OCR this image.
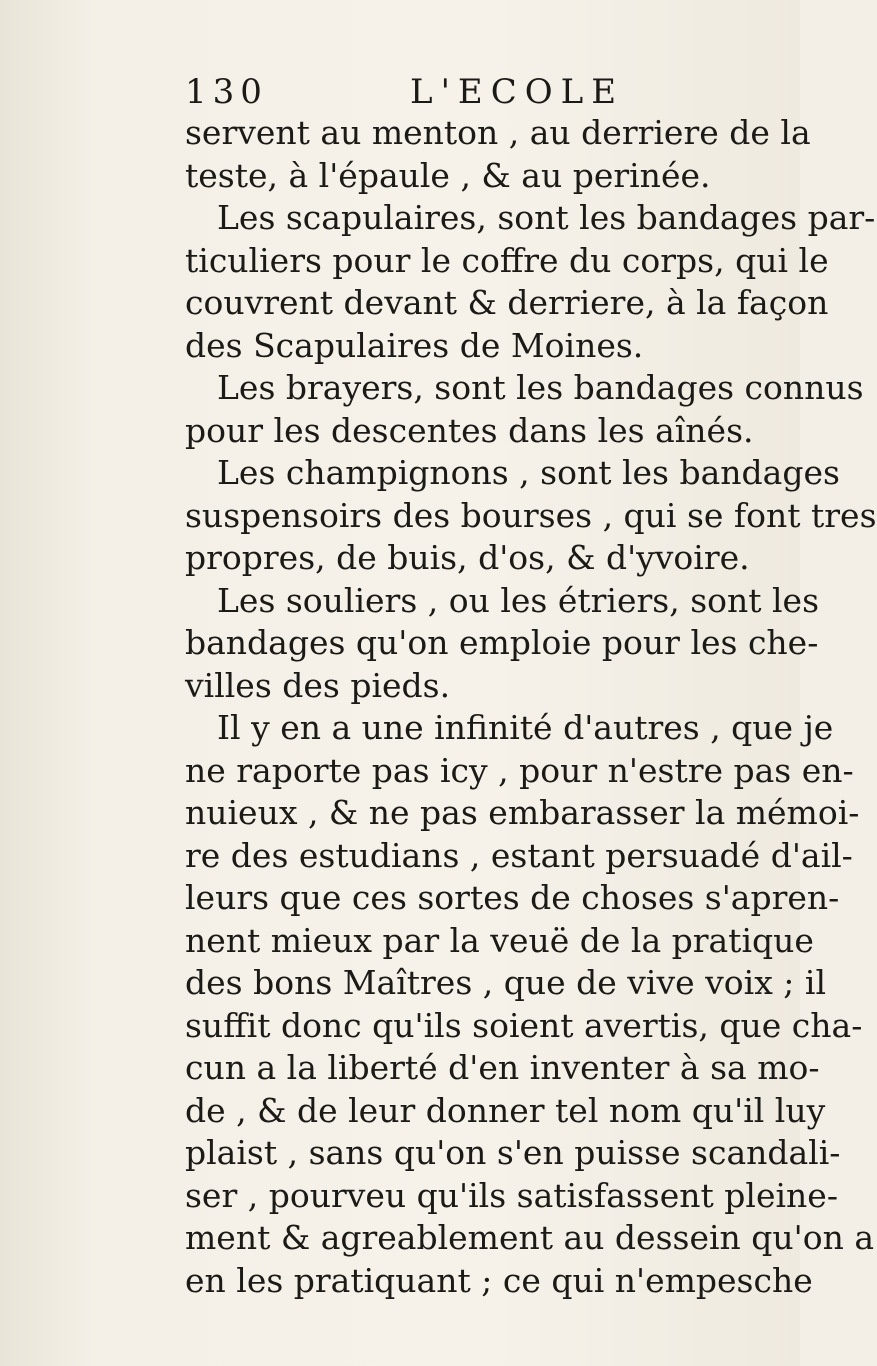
130	L'ECOLE
servent au menton , au derriere de la
teste, à l'épaule , & au perinée.
Les scapulaires, sont les bandages par-
ticuliers pour le coffre du corps, qui le
couvrent devant & derriere, à la façon
des Scapulaires de Moines.
Les brayers, sont les bandages connus
pour les descentes dans les aînés.
Les champignons , sont les bandages
suspensoirs des bourses , qui se font tres
propres, de buis, d'os, & d'yvoire.
Les souliers , ou les étriers, sont les
bandages qu'on emploie pour les che-
villes des pieds.
Il y en a une infinité d'autres , que je
ne raporte pas icy , pour n'estre pas en-
nuieux , & ne pas embarasser la mémoi-
re des estudians , estant persuadé d'ail-
leurs que ces sortes de choses s'apren-
nent mieux par la veuë de la pratique
des bons Maîtres , que de vive voix ; il
suffit donc qu'ils soient avertis, que cha-
cun a la liberté d'en inventer à sa mo-
de , & de leur donner tel nom qu'il luy
plaist , sans qu'on s'en puisse scandali-
ser , pourveu qu'ils satisfassent pleine-
ment & agreablement au dessein qu'on a
en les pratiquant ; ce qui n'empesche
